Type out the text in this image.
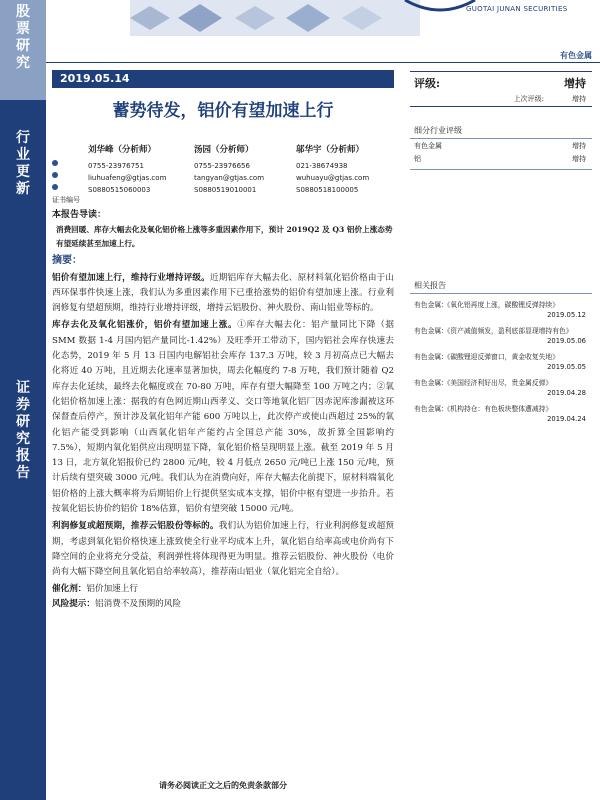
股
票
研
究
行
业
更
新
证
券
研
究
报
告
GUOTAI JUNAN SECURITIES
有色金属
2019.05.14
蓄势待发，铝价有望加速上行
证书编号
刘华峰（分析师）
0755-23976751
liuhuafeng@gtjas.com
S0880515060003
汤园（分析师）
0755-23976656
tangyan@gtjas.com
S0880519010001
邬华宇（分析师）
021-38674938
wuhuayu@gtjas.com
S0880518100005
本报告导读：
消费回暖、库存大幅去化及氧化铝价格上涨等多重因素作用下，预计 2019Q2 及 Q3 铝价上涨态势有望延续甚至加速上行。
摘要：

铝价有望加速上行，维持行业增持评级。近期铝库存大幅去化、原材料氧化铝价格由于山西环保事件快速上涨，我们认为多重因素作用下已重拾涨势的铝价有望加速上涨。行业利润修复有望超预期，维持行业增持评级，增持云铝股份、神火股份、南山铝业等标的。

库存去化及氧化铝涨价，铝价有望加速上涨。①库存大幅去化：铝产量同比下降（据 SMM 数据 1-4 月国内铝产量同比-1.42%）及旺季开工带动下，国内铝社会库存快速去化态势，2019 年 5 月 13 日国内电解铝社会库存 137.3 万吨，较 3 月初高点已大幅去化将近 40 万吨，且近期去化速率显著加快，周去化幅度约 7-8 万吨，我们预计随着 Q2 库存去化延续，最终去化幅度或在 70-80 万吨，库存有望大幅降至 100 万吨之内；②氧化铝价格加速上涨：据我的有色网近期山西孝义、交口等地氧化铝厂因赤泥库渗漏被这环保督查后停产，预计涉及氧化铝年产能 600 万吨以上，此次停产或使山西超过 25%的氧化铝产能受到影响（山西氧化铝年产能约占全国总产能 30%，故折算全国影响约 7.5%），短期内氧化铝供应出现明显下降，氧化铝价格呈现明显上涨。截至 2019 年 5 月 13 日，北方氧化铝报价已约 2800 元/吨，较 4 月低点 2650 元/吨已上涨 150 元/吨，预计后续有望突破 3000 元/吨。我们认为在消费向好，库存大幅去化前提下，原材料端氧化铝价格的上涨大概率将为后期铝价上行提供坚实成本支撑，铝价中枢有望进一步抬升。若按氧化铝长协价约铝价 18%估算，铝价有望突破 15000 元/吨。

利润修复或超预期，推荐云铝股份等标的。我们认为铝价加速上行，行业利润修复或超预期，考虑到氧化铝价格快速上涨致使全行业平均成本上升，氧化铝自给率高或电价尚有下降空间的企业将充分受益，利润弹性将体现得更为明显。推荐云铝股份、神火股份（电价尚有大幅下降空间且氧化铝自给率较高），推荐南山铝业（氧化铝完全自给）。

催化剂：铝价加速上行
风险提示：铝消费不及预期的风险
请务必阅读正文之后的免责条款部分
评级:	增持
上次评级:	增持
细分行业评级
有色金属	增持
铝	增持
相关报告
有色金属:《氧化铝再度上涨，碳酸锂反弹持续》
2019.05.12
有色金属:《资产减值频发，盈利底部显现增持有色》
2019.05.06
有色金属:《碳酸锂迎反弹窗口，黄金收复失地》
2019.05.05
有色金属:《美国经济利好出尽，贵金属反弹》
2019.04.28
有色金属:《机构持仓：有色板块整体遭减持》
2019.04.24
